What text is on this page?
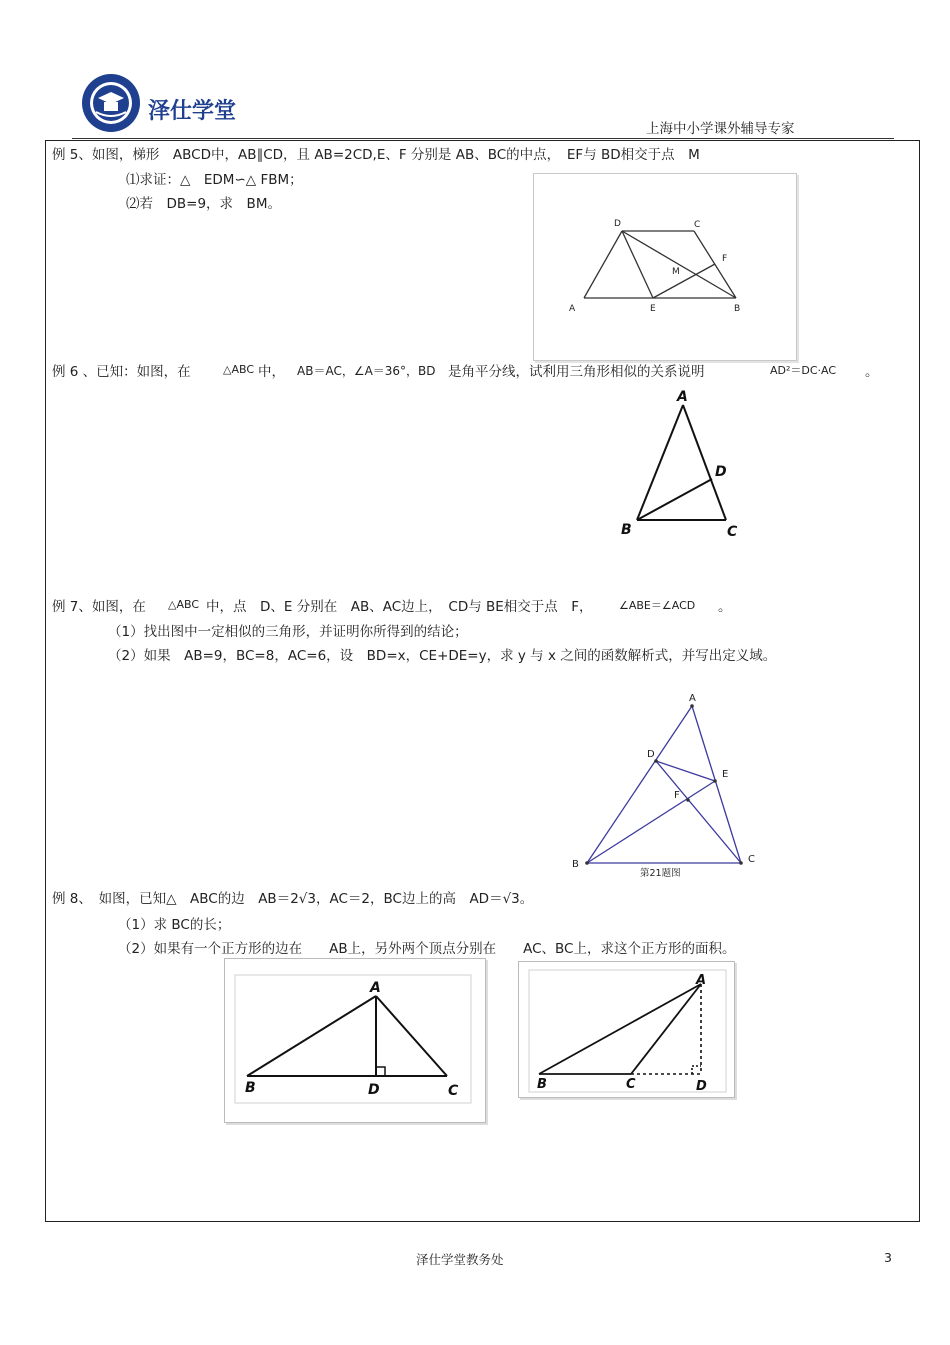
泽仕学堂
上海中小学课外辅导专家
例 5、如图，梯形　ABCD中，AB∥CD，且 AB=2CD,E、F 分别是 AB、BC的中点，　EF与 BD相交于点　M
⑴求证：△　EDM∽△ FBM；
⑵若　DB=9，求　BM。
D	C
F
M
A	E	B
例 6 、已知：如图，在	△ABC 中， AB＝AC，∠A＝36°，BD 是角平分线，试利用三角形相似的关系说明	AD²＝DC·AC 。
A
B	C
D
例 7、如图，在 △ABC 中，点　D、E 分别在　AB、AC边上，　CD与 BE相交于点　F， ∠ABE＝∠ACD 。
（1）找出图中一定相似的三角形，并证明你所得到的结论；
（2）如果　AB=9，BC=8，AC=6，设　BD=x，CE+DE=y，求 y 与 x 之间的函数解析式，并写出定义域。
A
D
E
F
B	C
第21题图
例 8、　如图，已知△　ABC的边　AB＝2√3，AC＝2，BC边上的高　AD＝√3。
（1）求 BC的长；
（2）如果有一个正方形的边在　　AB上，另外两个顶点分别在　　AC、BC上，求这个正方形的面积。
A
B	D	C
A
B	C	D
泽仕学堂教务处	3
